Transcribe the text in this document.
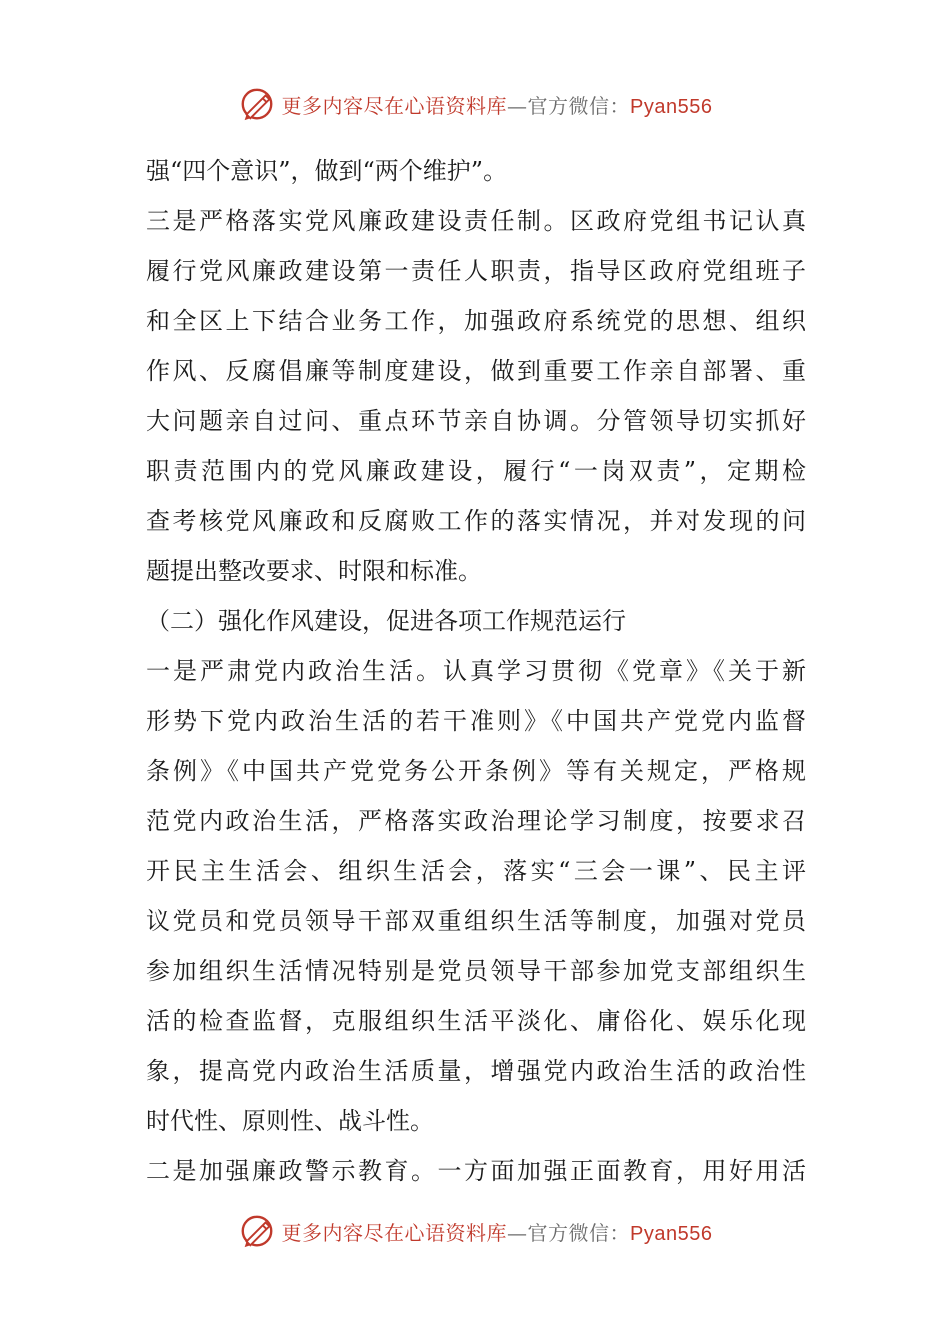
更多内容尽在心语资料库—官方微信：Pyan556
强“四个意识”，做到“两个维护”。
三是严格落实党风廉政建设责任制。区政府党组书记认真
履行党风廉政建设第一责任人职责，指导区政府党组班子
和全区上下结合业务工作，加强政府系统党的思想、组织
作风、反腐倡廉等制度建设，做到重要工作亲自部署、重
大问题亲自过问、重点环节亲自协调。分管领导切实抓好
职责范围内的党风廉政建设，履行“一岗双责”，定期检
查考核党风廉政和反腐败工作的落实情况，并对发现的问
题提出整改要求、时限和标准。
（二）强化作风建设，促进各项工作规范运行
一是严肃党内政治生活。认真学习贯彻《党章》《关于新
形势下党内政治生活的若干准则》《中国共产党党内监督
条例》《中国共产党党务公开条例》等有关规定，严格规
范党内政治生活，严格落实政治理论学习制度，按要求召
开民主生活会、组织生活会，落实“三会一课”、民主评
议党员和党员领导干部双重组织生活等制度，加强对党员
参加组织生活情况特别是党员领导干部参加党支部组织生
活的检查监督，克服组织生活平淡化、庸俗化、娱乐化现
象，提高党内政治生活质量，增强党内政治生活的政治性
时代性、原则性、战斗性。
二是加强廉政警示教育。一方面加强正面教育，用好用活
更多内容尽在心语资料库—官方微信：Pyan556
